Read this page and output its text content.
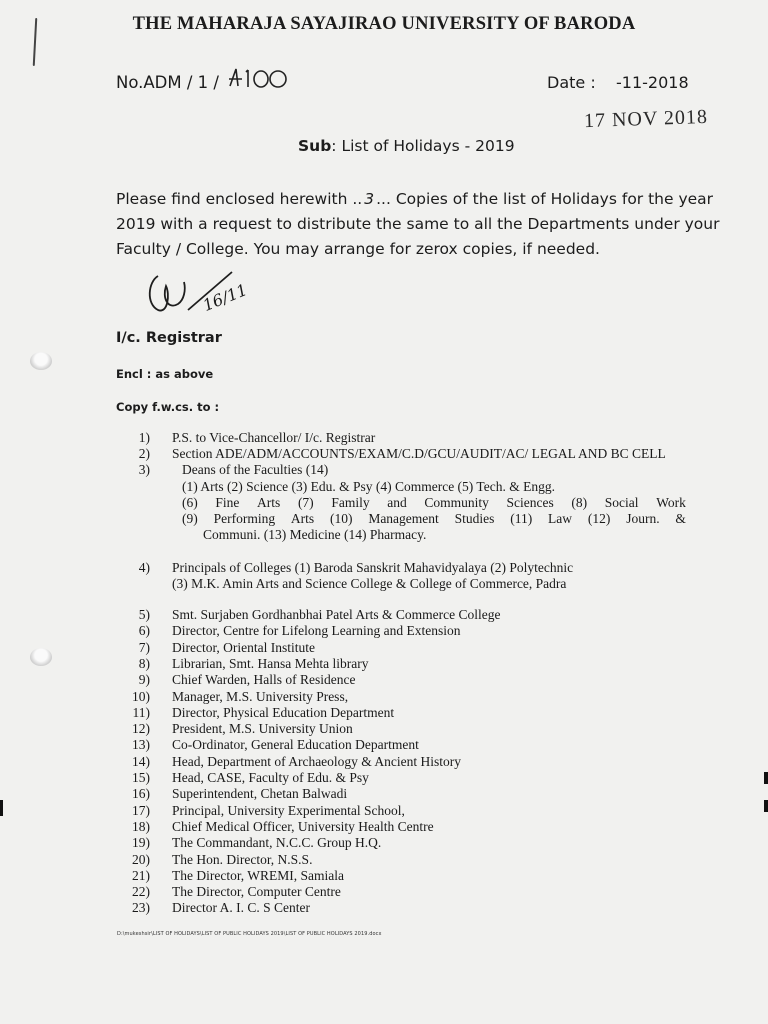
THE MAHARAJA SAYAJIRAO UNIVERSITY OF BARODA
No.ADM / 1 /	Date : -11-2018
17 NOV 2018
Sub: List of Holidays - 2019
Please find enclosed herewith .. 3 ... Copies of the list of Holidays for the year
2019 with a request to distribute the same to all the Departments under your
Faculty / College. You may arrange for zerox copies, if needed.
16/11
I/c. Registrar
Encl : as above
Copy f.w.cs. to :
1) P.S. to Vice-Chancellor/ I/c. Registrar
2) Section ADE/ADM/ACCOUNTS/EXAM/C.D/GCU/AUDIT/AC/ LEGAL AND BC CELL
3) Deans of the Faculties (14)
(1) Arts (2) Science (3) Edu. & Psy (4) Commerce (5) Tech. & Engg.
(6) Fine Arts (7) Family and Community Sciences (8) Social Work
(9) Performing Arts (10) Management Studies (11) Law (12) Journ. &
Communi. (13) Medicine (14) Pharmacy.
4) Principals of Colleges (1) Baroda Sanskrit Mahavidyalaya (2) Polytechnic
(3) M.K. Amin Arts and Science College & College of Commerce, Padra
5) Smt. Surjaben Gordhanbhai Patel Arts & Commerce College
6) Director, Centre for Lifelong Learning and Extension
7) Director, Oriental Institute
8) Librarian, Smt. Hansa Mehta library
9) Chief Warden, Halls of Residence
10) Manager, M.S. University Press,
11) Director, Physical Education Department
12) President, M.S. University Union
13) Co-Ordinator, General Education Department
14) Head, Department of Archaeology & Ancient History
15) Head, CASE, Faculty of Edu. & Psy
16) Superintendent, Chetan Balwadi
17) Principal, University Experimental School,
18) Chief Medical Officer, University Health Centre
19) The Commandant, N.C.C. Group H.Q.
20) The Hon. Director, N.S.S.
21) The Director, WREMI, Samiala
22) The Director, Computer Centre
23) Director A. I. C. S Center
D:\mukeshsir\LIST OF HOLIDAYS\LIST OF PUBLIC HOLIDAYS 2019\LIST OF PUBLIC HOLIDAYS 2019.docx
